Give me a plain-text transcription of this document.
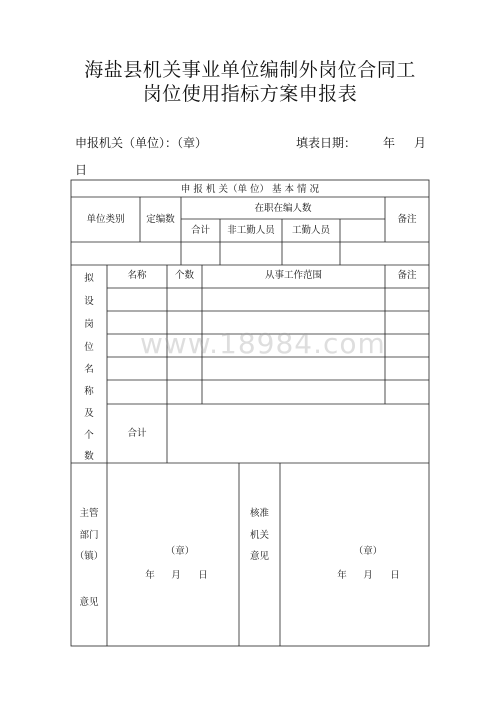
海盐县机关事业单位编制外岗位合同工
岗位使用指标方案申报表
申报机关（单位）：（章）	填表日期： 年 月
日
www.18984.com
申 报 机 关（单 位） 基 本 情 况
单位类别	定编数
在职在编人数
备注
合计	非工勤人员	工勤人员
名称	个数	从事工作范围	备注
合计
拟
设
岗
位
名
称
及
个
数
主管
部门
（镇）
意见
（章）
年	月	日
核准
机关
意见	（章）
年	月	日
